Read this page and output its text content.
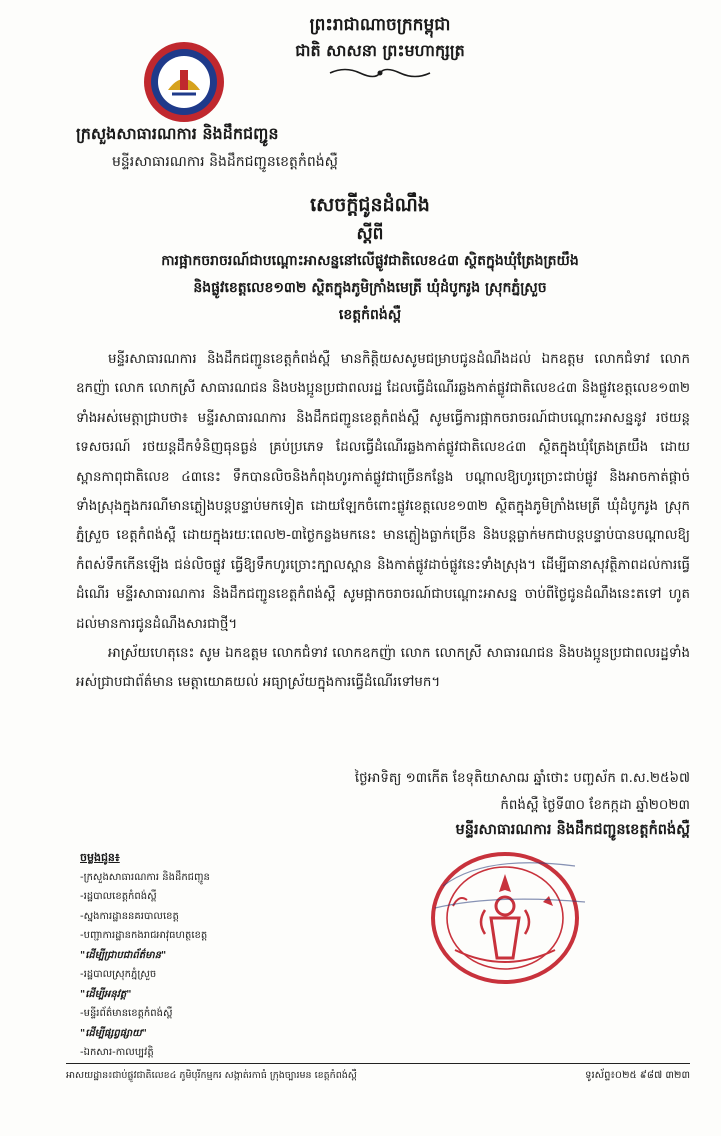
ព្រះរាជាណាចក្រកម្ពុជា
ជាតិ សាសនា ព្រះមហាក្សត្រ
ក្រសួងសាធារណការ និងដឹកជញ្ជូន
មន្ទីរសាធារណការ និងដឹកជញ្ជូនខេត្តកំពង់ស្ពឺ
សេចក្ដីជូនដំណឹង
ស្ដីពី
ការផ្អាកចរាចរណ៍ជាបណ្ដោះអាសន្ននៅលើផ្លូវជាតិលេខ៤៣ ស្ថិតក្នុងឃុំត្រែងត្រយឹង
និងផ្លូវខេត្តលេខ១៣២ ស្ថិតក្នុងភូមិក្រាំងមេត្រី ឃុំដំបូករូង ស្រុកភ្នំស្រួច
ខេត្តកំពង់ស្ពឺ

មន្ទីរសាធារណការ និងដឹកជញ្ជូនខេត្តកំពង់ស្ពឺ មានកិត្តិយសសូមជម្រាបជូនដំណឹងដល់ ឯកឧត្តម លោកជំទាវ លោកឧកញ៉ា លោក លោកស្រី សាធារណជន និងបងប្អូនប្រជាពលរដ្ឋ ដែលធ្វើដំណើរឆ្លងកាត់ផ្លូវជាតិលេខ៤៣ និងផ្លូវខេត្តលេខ១៣២ ទាំងអស់មេត្តាជ្រាបថា៖ មន្ទីរសាធារណការ និងដឹកជញ្ជូនខេត្តកំពង់ស្ពឺ សូមធ្វើការផ្អាកចរាចរណ៍ជាបណ្ដោះអាសន្ននូវ រថយន្តទេសចរណ៍ រថយន្តដឹកទំនិញធុនធ្ងន់ គ្រប់ប្រភេទ ដែលធ្វើដំណើរឆ្លងកាត់ផ្លូវជាតិលេខ៤៣ ស្ថិតក្នុងឃុំត្រែងត្រយឹង ដោយស្ពានកាពុជាតិលេខ ៤៣នេះ ទឹកបានលិចនិងកំពុងហូរកាត់ផ្លូវជាច្រើនកន្លែង បណ្ដាលឱ្យហូរច្រោះជាប់ផ្លូវ និងអាចកាត់ផ្ដាច់ទាំងស្រុងក្នុងករណីមានភ្លៀងបន្តបន្ទាប់មកទៀត ដោយឡែកចំពោះផ្លូវខេត្តលេខ១៣២ ស្ថិតក្នុងភូមិក្រាំងមេត្រី ឃុំដំបូករូង ស្រុកភ្នំស្រួច ខេត្តកំពង់ស្ពឺ ដោយក្នុងរយៈពេល២-៣ថ្ងៃកន្លងមកនេះ មានភ្លៀងធ្លាក់ច្រើន និងបន្តធ្លាក់មកជាបន្តបន្ទាប់បានបណ្ដាលឱ្យកំពស់ទឹកកើនឡើង ជន់លិចផ្លូវ ធ្វើឱ្យទឹកហូរច្រោះក្បាលស្ពាន និងកាត់ផ្លូវដាច់ផ្លូវនេះទាំងស្រុង។ ដើម្បីធានាសុវត្ថិភាពដល់ការធ្វើដំណើរ មន្ទីរសាធារណការ និងដឹកជញ្ជូនខេត្តកំពង់ស្ពឺ សូមផ្អាកចរាចរណ៍ជាបណ្ដោះអាសន្ន ចាប់ពីថ្ងៃជូនដំណឹងនេះតទៅ ហូតដល់មានការជូនដំណឹងសារជាថ្មី។

អាស្រ័យហេតុនេះ សូម ឯកឧត្តម លោកជំទាវ លោកឧកញ៉ា លោក លោកស្រី សាធារណជន និងបងប្អូនប្រជាពលរដ្ឋទាំងអស់ជ្រាបជាព័ត៌មាន មេត្តាយោគយល់ អធ្យាស្រ័យក្នុងការធ្វើដំណើរទៅមក។

ថ្ងៃអាទិត្យ ១៣កើត ខែទុតិយាសាឍ ឆ្នាំថោះ បញ្ចស័ក ព.ស.២៥៦៧
កំពង់ស្ពឺ ថ្ងៃទី៣០ ខែកក្កដា ឆ្នាំ២០២៣
មន្ទីរសាធារណការ និងដឹកជញ្ជូនខេត្តកំពង់ស្ពឺ
ចម្លងជូន៖
-ក្រសួងសាធារណការ និងដឹកជញ្ជូន
-រដ្ឋបាលខេត្តកំពង់ស្ពឺ
-ស្នងការដ្ឋាននគរបាលខេត្ត
-បញ្ជាការដ្ឋានកងរាជអាវុធហត្ថខេត្ត
"ដើម្បីជ្រាបជាព័ត៌មាន"
-រដ្ឋបាលស្រុកភ្នំស្រួច
"ដើម្បីអនុវត្ត"
-មន្ទីរព័ត៌មានខេត្តកំពង់ស្ពឺ
"ដើម្បីផ្សព្វផ្សាយ"
-ឯកសារ-កាលប្បវត្តិ
អាសយដ្ឋាន៖ជាប់ផ្លូវជាតិលេខ៤ ភូមិបុរីកម្មករ សង្កាត់រកាធំ ក្រុងច្បារមន ខេត្តកំពង់ស្ពឺ	ទូរស័ព្ទ៖០២៥ ៩៨៧ ៣២៣
